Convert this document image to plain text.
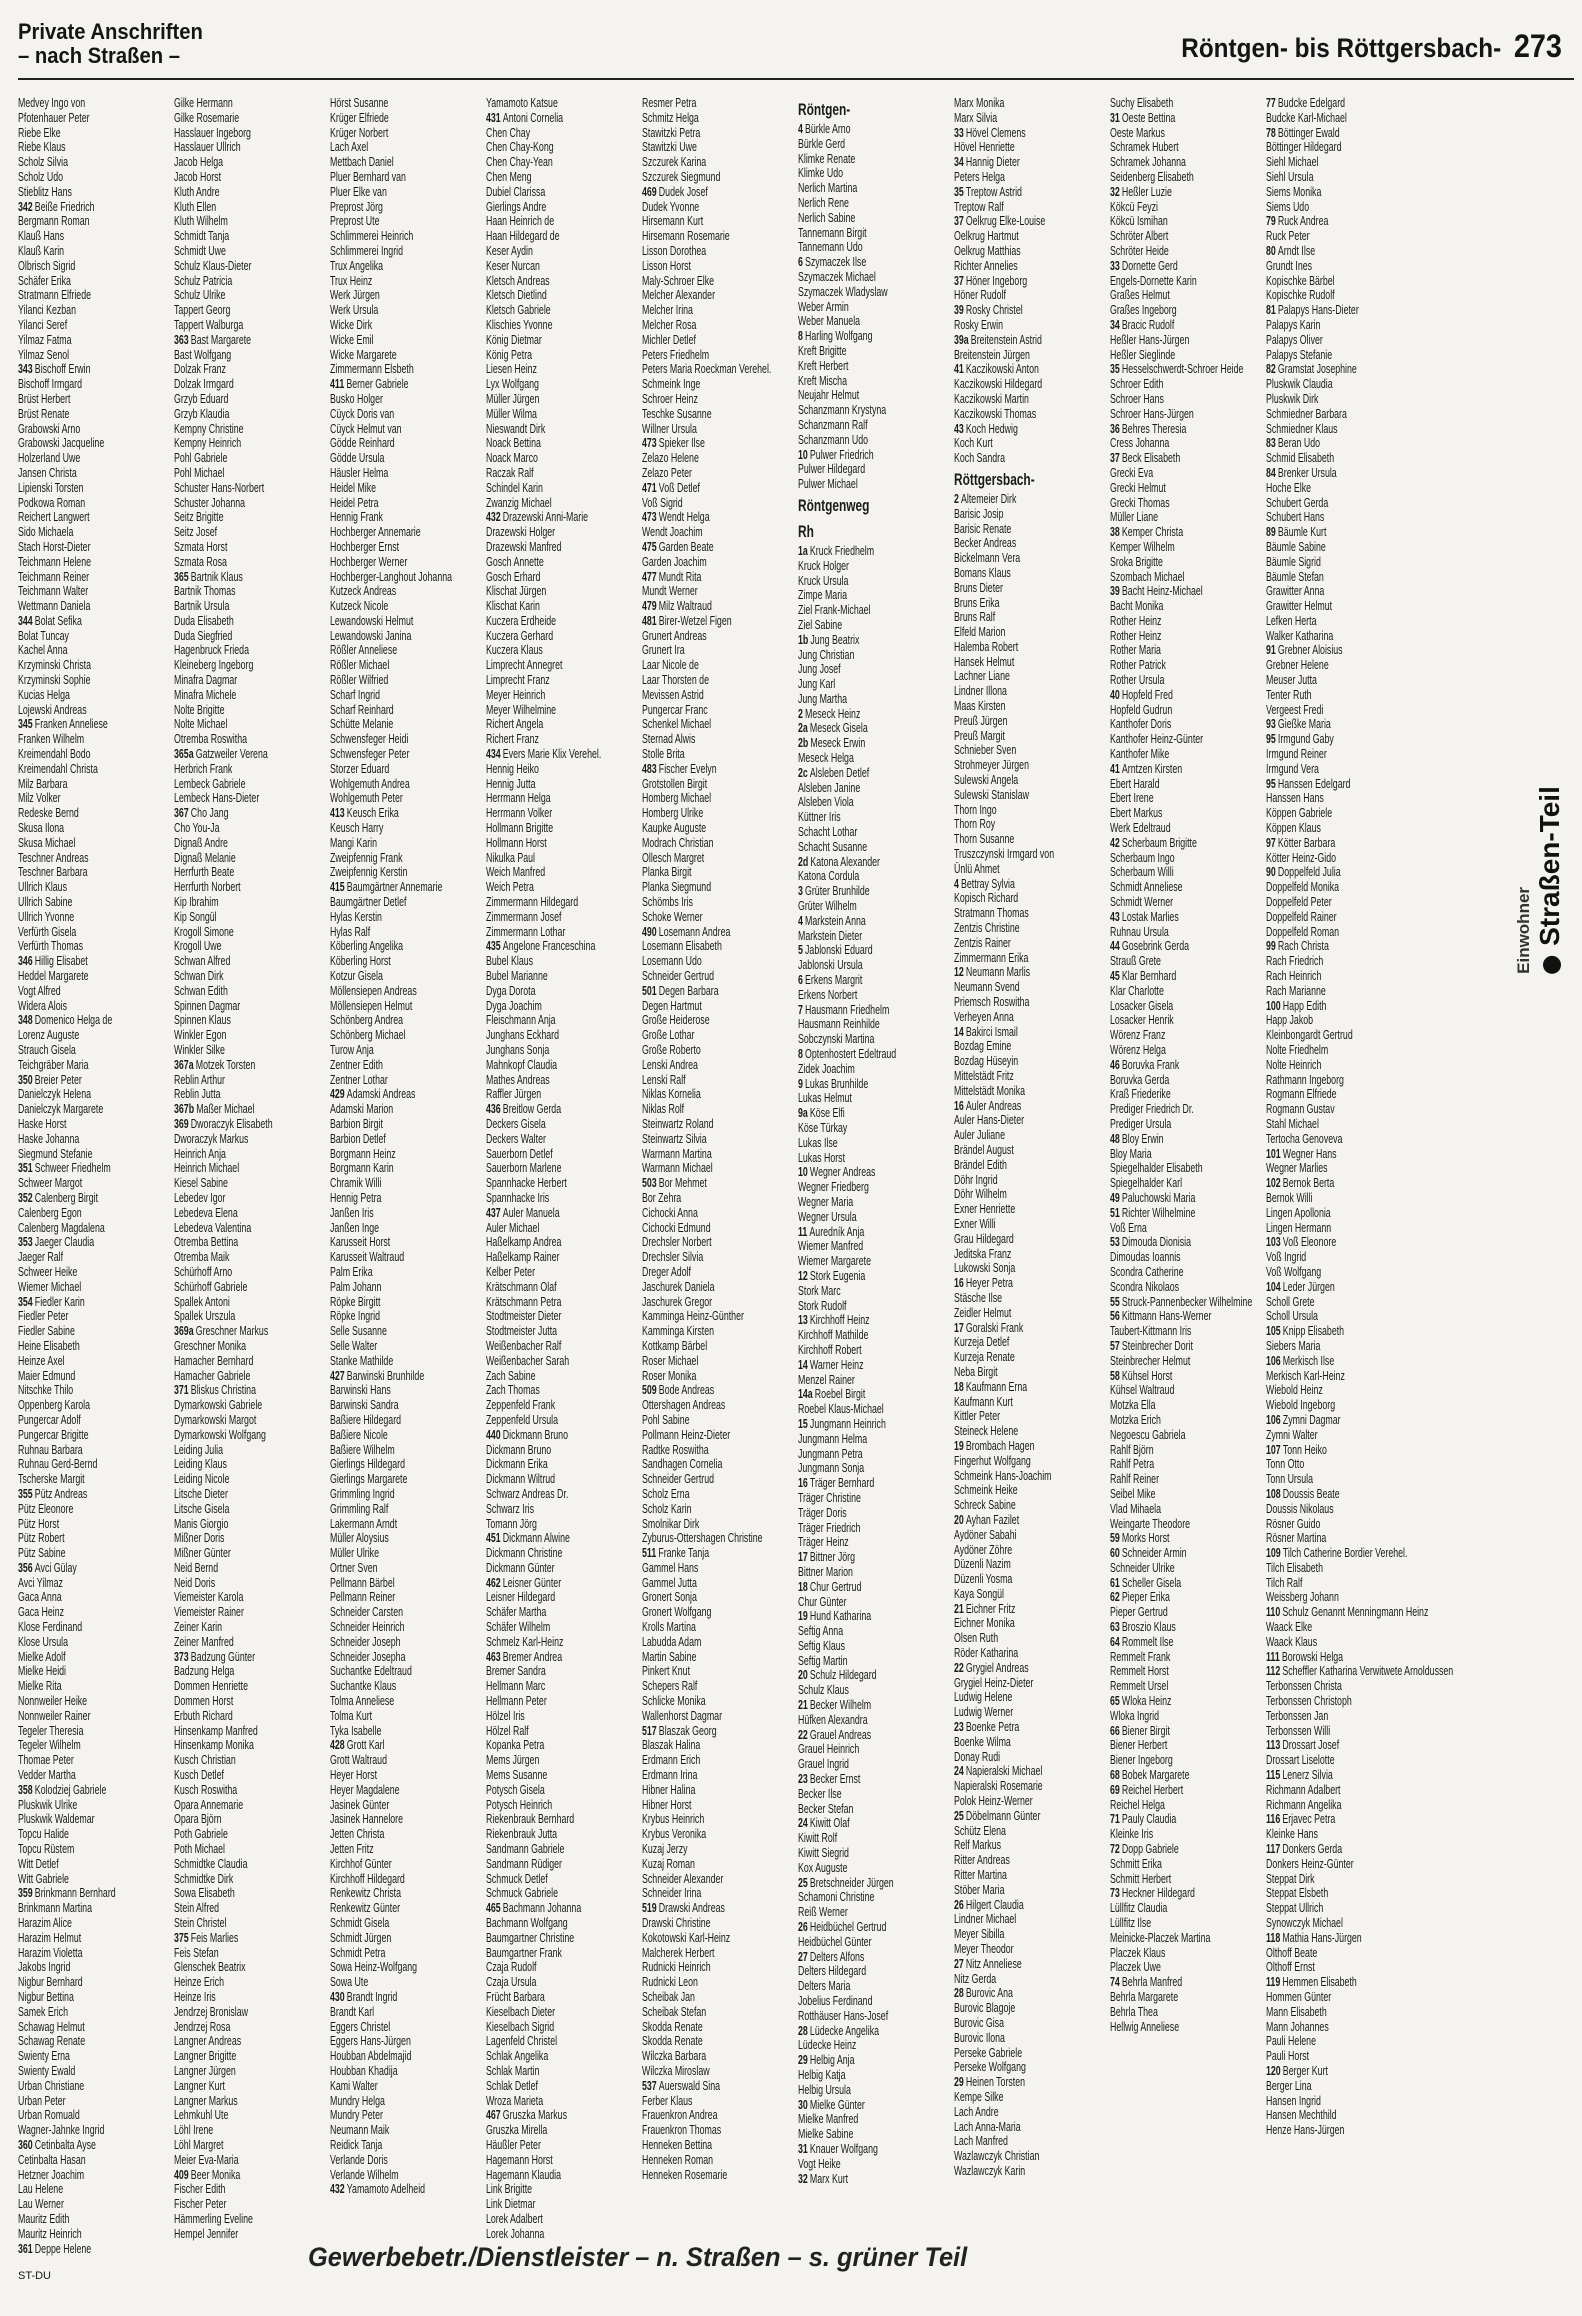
Private Anschriften
– nach Straßen –	Röntgen- bis Röttgersbach- 273
Medvey Ingo von
Pfotenhauer Peter
Riebe Elke
Riebe Klaus
Scholz Silvia
Scholz Udo
Stieblitz Hans
342 Beiße Friedrich
Bergmann Roman
Klauß Hans
Klauß Karin
Olbrisch Sigrid
Schäfer Erika
Stratmann Elfriede
Yilanci Kezban
Yilanci Seref
Yilmaz Fatma
Yilmaz Senol
343 Bischoff Erwin
Bischoff Irmgard
Brüst Herbert
Brüst Renate
Grabowski Arno
Grabowski Jacqueline
Holzerland Uwe
Jansen Christa
Lipienski Torsten
Podkowa Roman
Reichert Langwert
Sido Michaela
Stach Horst-Dieter
Teichmann Helene
Teichmann Reiner
Teichmann Walter
Wettmann Daniela
344 Bolat Sefika
Bolat Tuncay
Kachel Anna
Krzyminski Christa
Krzyminski Sophie
Kucias Helga
Lojewski Andreas
345 Franken Anneliese
Franken Wilhelm
Kreimendahl Bodo
Kreimendahl Christa
Milz Barbara
Milz Volker
Redeske Bernd
Skusa Ilona
Skusa Michael
Teschner Andreas
Teschner Barbara
Ullrich Klaus
Ullrich Sabine
Ullrich Yvonne
Verfürth Gisela
Verfürth Thomas
346 Hillig Elisabet
Heddel Margarete
Vogt Alfred
Widera Alois
348 Domenico Helga de
Lorenz Auguste
Strauch Gisela
Teichgräber Maria
350 Breier Peter
Danielczyk Helena
Danielczyk Margarete
Haske Horst
Haske Johanna
Siegmund Stefanie
351 Schweer Friedhelm
Schweer Margot
352 Calenberg Birgit
Calenberg Egon
Calenberg Magdalena
353 Jaeger Claudia
Jaeger Ralf
Schweer Heike
Wiemer Michael
354 Fiedler Karin
Fiedler Peter
Fiedler Sabine
Heine Elisabeth
Heinze Axel
Maier Edmund
Nitschke Thilo
Oppenberg Karola
Pungercar Adolf
Pungercar Brigitte
Ruhnau Barbara
Ruhnau Gerd-Bernd
Tscherske Margit
355 Pütz Andreas
Pütz Eleonore
Pütz Horst
Pütz Robert
Pütz Sabine
356 Avci Gülay
Avci Yilmaz
Gaca Anna
Gaca Heinz
Klose Ferdinand
Klose Ursula
Mielke Adolf
Mielke Heidi
Mielke Rita
Nonnweiler Heike
Nonnweiler Rainer
Tegeler Theresia
Tegeler Wilhelm
Thomae Peter
Vedder Martha
358 Kolodziej Gabriele
Pluskwik Ulrike
Pluskwik Waldemar
Topcu Halide
Topcu Rüstem
Witt Detlef
Witt Gabriele
359 Brinkmann Bernhard
Brinkmann Martina
Harazim Alice
Harazim Helmut
Harazim Violetta
Jakobs Ingrid
Nigbur Bernhard
Nigbur Bettina
Samek Erich
Schawag Helmut
Schawag Renate
Swienty Erna
Swienty Ewald
Urban Christiane
Urban Peter
Urban Romuald
Wagner-Jahnke Ingrid
360 Cetinbalta Ayse
Cetinbalta Hasan
Hetzner Joachim
Lau Helene
Lau Werner
Mauritz Edith
Mauritz Heinrich
361 Deppe Helene
Gilke Hermann
Gilke Rosemarie
Hasslauer Ingeborg
Hasslauer Ullrich
Jacob Helga
Jacob Horst
Kluth Andre
Kluth Ellen
Kluth Wilhelm
Schmidt Tanja
Schmidt Uwe
Schulz Klaus-Dieter
Schulz Patricia
Schulz Ulrike
Tappert Georg
Tappert Walburga
363 Bast Margarete
Bast Wolfgang
Dolzak Franz
Dolzak Irmgard
Grzyb Eduard
Grzyb Klaudia
Kempny Christine
Kempny Heinrich
Pohl Gabriele
Pohl Michael
Schuster Hans-Norbert
Schuster Johanna
Seitz Brigitte
Seitz Josef
Szmata Horst
Szmata Rosa
365 Bartnik Klaus
Bartnik Thomas
Bartnik Ursula
Duda Elisabeth
Duda Siegfried
Hagenbruck Frieda
Kleineberg Ingeborg
Minafra Dagmar
Minafra Michele
Nolte Brigitte
Nolte Michael
Otremba Roswitha
365a Gatzweiler Verena
Herbrich Frank
Lembeck Gabriele
Lembeck Hans-Dieter
367 Cho Jang
Cho You-Ja
Dignaß Andre
Dignaß Melanie
Herrfurth Beate
Herrfurth Norbert
Kip Ibrahim
Kip Songül
Krogoll Simone
Krogoll Uwe
Schwan Alfred
Schwan Dirk
Schwan Edith
Spinnen Dagmar
Spinnen Klaus
Winkler Egon
Winkler Silke
367a Motzek Torsten
Reblin Arthur
Reblin Jutta
367b Maßer Michael
369 Dworaczyk Elisabeth
Dworaczyk Markus
Heinrich Anja
Heinrich Michael
Kiesel Sabine
Lebedev Igor
Lebedeva Elena
Lebedeva Valentina
Otremba Bettina
Otremba Maik
Schürhoff Arno
Schürhoff Gabriele
Spallek Antoni
Spallek Urszula
369a Greschner Markus
Greschner Monika
Hamacher Bernhard
Hamacher Gabriele
371 Bliskus Christina
Dymarkowski Gabriele
Dymarkowski Margot
Dymarkowski Wolfgang
Leiding Julia
Leiding Klaus
Leiding Nicole
Litsche Dieter
Litsche Gisela
Manis Giorgio
Mißner Doris
Mißner Günter
Neid Bernd
Neid Doris
Viemeister Karola
Viemeister Rainer
Zeiner Karin
Zeiner Manfred
373 Badzung Günter
Badzung Helga
Dommen Henriette
Dommen Horst
Erbuth Richard
Hinsenkamp Manfred
Hinsenkamp Monika
Kusch Christian
Kusch Detlef
Kusch Roswitha
Opara Annemarie
Opara Björn
Poth Gabriele
Poth Michael
Schmidtke Claudia
Schmidtke Dirk
Sowa Elisabeth
Stein Alfred
Stein Christel
375 Feis Marlies
Feis Stefan
Glenschek Beatrix
Heinze Erich
Heinze Iris
Jendrzej Bronislaw
Jendrzej Rosa
Langner Andreas
Langner Brigitte
Langner Jürgen
Langner Kurt
Langner Markus
Lehmkuhl Ute
Löhl Irene
Löhl Margret
Meier Eva-Maria
409 Beer Monika
Fischer Edith
Fischer Peter
Hämmerling Eveline
Hempel Jennifer
Hörst Susanne
Krüger Elfriede
Krüger Norbert
Lach Axel
Mettbach Daniel
Pluer Bernhard van
Pluer Elke van
Preprost Jörg
Preprost Ute
Schlimmerei Heinrich
Schlimmerei Ingrid
Trux Angelika
Trux Heinz
Werk Jürgen
Werk Ursula
Wicke Dirk
Wicke Emil
Wicke Margarete
Zimmermann Elsbeth
411 Berner Gabriele
Busko Holger
Cüyck Doris van
Cüyck Helmut van
Gödde Reinhard
Gödde Ursula
Häusler Helma
Heidel Mike
Heidel Petra
Hennig Frank
Hochberger Annemarie
Hochberger Ernst
Hochberger Werner
Hochberger-Langhout Johanna
Kutzeck Andreas
Kutzeck Nicole
Lewandowski Helmut
Lewandowski Janina
Rößler Anneliese
Rößler Michael
Rößler Wilfried
Scharf Ingrid
Scharf Reinhard
Schütte Melanie
Schwensfeger Heidi
Schwensfeger Peter
Storzer Eduard
Wohlgemuth Andrea
Wohlgemuth Peter
413 Keusch Erika
Keusch Harry
Mangi Karin
Zweipfennig Frank
Zweipfennig Kerstin
415 Baumgärtner Annemarie
Baumgärtner Detlef
Hylas Kerstin
Hylas Ralf
Köberling Angelika
Köberling Horst
Kotzur Gisela
Möllensiepen Andreas
Möllensiepen Helmut
Schönberg Andrea
Schönberg Michael
Turow Anja
Zentner Edith
Zentner Lothar
429 Adamski Andreas
Adamski Marion
Barbion Birgit
Barbion Detlef
Borgmann Heinz
Borgmann Karin
Chramik Willi
Hennig Petra
Janßen Iris
Janßen Inge
Karusseit Horst
Karusseit Waltraud
Palm Erika
Palm Johann
Röpke Birgitt
Röpke Ingrid
Selle Susanne
Selle Walter
Stanke Mathilde
427 Barwinski Brunhilde
Barwinski Hans
Barwinski Sandra
Baßiere Hildegard
Baßiere Nicole
Baßiere Wilhelm
Gierlings Hildegard
Gierlings Margarete
Grimmling Ingrid
Grimmling Ralf
Lakermann Arndt
Müller Aloysius
Müller Ulrike
Ortner Sven
Pellmann Bärbel
Pellmann Reiner
Schneider Carsten
Schneider Heinrich
Schneider Joseph
Schneider Josepha
Suchantke Edeltraud
Suchantke Klaus
Tolma Anneliese
Tolma Kurt
Tyka Isabelle
428 Grott Karl
Grott Waltraud
Heyer Horst
Heyer Magdalene
Jasinek Günter
Jasinek Hannelore
Jetten Christa
Jetten Fritz
Kirchhof Günter
Kirchhoff Hildegard
Renkewitz Christa
Renkewitz Günter
Schmidt Gisela
Schmidt Jürgen
Schmidt Petra
Sowa Heinz-Wolfgang
Sowa Ute
430 Brandt Ingrid
Brandt Karl
Eggers Christel
Eggers Hans-Jürgen
Houbban Abdelmajid
Houbban Khadija
Kami Walter
Mundry Helga
Mundry Peter
Neumann Maik
Reidick Tanja
Verlande Doris
Verlande Wilhelm
432 Yamamoto Adelheid
Yamamoto Katsue
431 Antoni Cornelia
Chen Chay
Chen Chay-Kong
Chen Chay-Yean
Chen Meng
Dubiel Clarissa
Gierlings Andre
Haan Heinrich de
Haan Hildegard de
Keser Aydin
Keser Nurcan
Kletsch Andreas
Kletsch Dietlind
Kletsch Gabriele
Klischies Yvonne
König Dietmar
König Petra
Liesen Heinz
Lyx Wolfgang
Müller Jürgen
Müller Wilma
Nieswandt Dirk
Noack Bettina
Noack Marco
Raczak Ralf
Schindel Karin
Zwanzig Michael
432 Drazewski Anni-Marie
Drazewski Holger
Drazewski Manfred
Gosch Annette
Gosch Erhard
Klischat Jürgen
Klischat Karin
Kuczera Erdheide
Kuczera Gerhard
Kuczera Klaus
Limprecht Annegret
Limprecht Franz
Meyer Heinrich
Meyer Wilhelmine
Richert Angela
Richert Franz
434 Evers Marie Klix Verehel.
Hennig Heiko
Hennig Jutta
Herrmann Helga
Herrmann Volker
Hollmann Brigitte
Hollmann Horst
Nikulka Paul
Weich Manfred
Weich Petra
Zimmermann Hildegard
Zimmermann Josef
Zimmermann Lothar
435 Angelone Franceschina
Bubel Klaus
Bubel Marianne
Dyga Dorota
Dyga Joachim
Fleischmann Anja
Junghans Eckhard
Junghans Sonja
Mahnkopf Claudia
Mathes Andreas
Raffler Jürgen
436 Breitlow Gerda
Deckers Gisela
Deckers Walter
Sauerborn Detlef
Sauerborn Marlene
Spannhacke Herbert
Spannhacke Iris
437 Auler Manuela
Auler Michael
Haßelkamp Andrea
Haßelkamp Rainer
Kelber Peter
Krätschmann Olaf
Krätschmann Petra
Stodtmeister Dieter
Stodtmeister Jutta
Weißenbacher Ralf
Weißenbacher Sarah
Zach Sabine
Zach Thomas
Zeppenfeld Frank
Zeppenfeld Ursula
440 Dickmann Bruno
Dickmann Bruno
Dickmann Erika
Dickmann Wiltrud
Schwarz Andreas Dr.
Schwarz Iris
Tomann Jörg
451 Dickmann Alwine
Dickmann Christine
Dickmann Günter
462 Leisner Günter
Leisner Hildegard
Schäfer Martha
Schäfer Wilhelm
Schmelz Karl-Heinz
463 Bremer Andrea
Bremer Sandra
Hellmann Marc
Hellmann Peter
Hölzel Iris
Hölzel Ralf
Kopanka Petra
Mems Jürgen
Mems Susanne
Potysch Gisela
Potysch Heinrich
Riekenbrauk Bernhard
Riekenbrauk Jutta
Sandmann Gabriele
Sandmann Rüdiger
Schmuck Detlef
Schmuck Gabriele
465 Bachmann Johanna
Bachmann Wolfgang
Baumgartner Christine
Baumgartner Frank
Czaja Rudolf
Czaja Ursula
Frücht Barbara
Kieselbach Dieter
Kieselbach Sigrid
Lagenfeld Christel
Schlak Angelika
Schlak Martin
Schlak Detlef
Wroza Marieta
467 Gruszka Markus
Gruszka Mirella
Häußler Peter
Hagemann Horst
Hagemann Klaudia
Link Brigitte
Link Dietmar
Lorek Adalbert
Lorek Johanna
Resmer Petra
Schmitz Helga
Stawitzki Petra
Stawitzki Uwe
Szczurek Karina
Szczurek Siegmund
469 Dudek Josef
Dudek Yvonne
Hirsemann Kurt
Hirsemann Rosemarie
Lisson Dorothea
Lisson Horst
Maly-Schroer Elke
Melcher Alexander
Melcher Irina
Melcher Rosa
Michler Detlef
Peters Friedhelm
Peters Maria Roeckman Verehel.
Schmeink Inge
Schroer Heinz
Teschke Susanne
Willner Ursula
473 Spieker Ilse
Zelazo Helene
Zelazo Peter
471 Voß Detlef
Voß Sigrid
473 Wendt Helga
Wendt Joachim
475 Garden Beate
Garden Joachim
477 Mundt Rita
Mundt Werner
479 Milz Waltraud
481 Birer-Wetzel Figen
Grunert Andreas
Grunert Ira
Laar Nicole de
Laar Thorsten de
Mevissen Astrid
Pungercar Franc
Schenkel Michael
Sternad Alwis
Stolle Brita
483 Fischer Evelyn
Grotstollen Birgit
Homberg Michael
Homberg Ulrike
Kaupke Auguste
Modrach Christian
Ollesch Margret
Planka Birgit
Planka Siegmund
Schömbs Iris
Schoke Werner
490 Losemann Andrea
Losemann Elisabeth
Losemann Udo
Schneider Gertrud
501 Degen Barbara
Degen Hartmut
Große Heiderose
Große Lothar
Große Roberto
Lenski Andrea
Lenski Ralf
Niklas Kornelia
Niklas Rolf
Steinwartz Roland
Steinwartz Silvia
Warmann Martina
Warmann Michael
503 Bor Mehmet
Bor Zehra
Cichocki Anna
Cichocki Edmund
Drechsler Norbert
Drechsler Silvia
Dreger Adolf
Jaschurek Daniela
Jaschurek Gregor
Kamminga Heinz-Günther
Kamminga Kirsten
Kottkamp Bärbel
Roser Michael
Roser Monika
509 Bode Andreas
Ottershagen Andreas
Pohl Sabine
Pollmann Heinz-Dieter
Radtke Roswitha
Sandhagen Cornelia
Schneider Gertrud
Scholz Erna
Scholz Karin
Smolnikar Dirk
Zyburus-Ottershagen Christine
511 Franke Tanja
Gammel Hans
Gammel Jutta
Gronert Sonja
Gronert Wolfgang
Krolls Martina
Labudda Adam
Martin Sabine
Pinkert Knut
Schepers Ralf
Schlicke Monika
Wallenhorst Dagmar
517 Blaszak Georg
Blaszak Halina
Erdmann Erich
Erdmann Irina
Hibner Halina
Hibner Horst
Krybus Heinrich
Krybus Veronika
Kuzaj Jerzy
Kuzaj Roman
Schneider Alexander
Schneider Irina
519 Drawski Andreas
Drawski Christine
Kokotowski Karl-Heinz
Malcherek Herbert
Rudnicki Heinrich
Rudnicki Leon
Scheibak Jan
Scheibak Stefan
Skodda Renate
Skodda Renate
Wilczka Barbara
Wilczka Miroslaw
537 Auerswald Sina
Ferber Klaus
Frauenkron Andrea
Frauenkron Thomas
Henneken Bettina
Henneken Roman
Henneken Rosemarie
Röntgen-
4 Bürkle Arno
Bürkle Gerd
Klimke Renate
Klimke Udo
Nerlich Martina
Nerlich Rene
Nerlich Sabine
Tannemann Birgit
Tannemann Udo
6 Szymaczek Ilse
Szymaczek Michael
Szymaczek Wladyslaw
Weber Armin
Weber Manuela
8 Harling Wolfgang
Kreft Brigitte
Kreft Herbert
Kreft Mischa
Neujahr Helmut
Schanzmann Krystyna
Schanzmann Ralf
Schanzmann Udo
10 Pulwer Friedrich
Pulwer Hildegard
Pulwer Michael
Röntgenweg
Rh
1a Kruck Friedhelm
Kruck Holger
Kruck Ursula
Zimpe Maria
Ziel Frank-Michael
Ziel Sabine
1b Jung Beatrix
Jung Christian
Jung Josef
Jung Karl
Jung Martha
2 Meseck Heinz
2a Meseck Gisela
2b Meseck Erwin
Meseck Helga
2c Alsleben Detlef
Alsleben Janine
Alsleben Viola
Küttner Iris
Schacht Lothar
Schacht Susanne
2d Katona Alexander
Katona Cordula
3 Grüter Brunhilde
Grüter Wilhelm
4 Markstein Anna
Markstein Dieter
5 Jablonski Eduard
Jablonski Ursula
6 Erkens Margrit
Erkens Norbert
7 Hausmann Friedhelm
Hausmann Reinhilde
Sobczynski Martina
8 Optenhostert Edeltraud
Zidek Joachim
9 Lukas Brunhilde
Lukas Helmut
9a Köse Elfi
Köse Türkay
Lukas Ilse
Lukas Horst
10 Wegner Andreas
Wegner Friedberg
Wegner Maria
Wegner Ursula
11 Auredník Anja
Wiemer Manfred
Wiemer Margarete
12 Stork Eugenia
Stork Marc
Stork Rudolf
13 Kirchhoff Heinz
Kirchhoff Mathilde
Kirchhoff Robert
14 Warner Heinz
Menzel Rainer
14a Roebel Birgit
Roebel Klaus-Michael
15 Jungmann Heinrich
Jungmann Helma
Jungmann Petra
Jungmann Sonja
16 Träger Bernhard
Träger Christine
Träger Doris
Träger Friedrich
Träger Heinz
17 Bittner Jörg
Bittner Marion
18 Chur Gertrud
Chur Günter
19 Hund Katharina
Seftig Anna
Seftig Klaus
Seftig Martin
20 Schulz Hildegard
Schulz Klaus
21 Becker Wilhelm
Hüfken Alexandra
22 Grauel Andreas
Grauel Heinrich
Grauel Ingrid
23 Becker Ernst
Becker Ilse
Becker Stefan
24 Kiwitt Olaf
Kiwitt Rolf
Kiwitt Siegrid
Kox Auguste
25 Bretschneider Jürgen
Schamoni Christine
Reiß Werner
26 Heidbüchel Gertrud
Heidbüchel Günter
27 Delters Alfons
Delters Hildegard
Delters Maria
Jobelius Ferdinand
Rotthäuser Hans-Josef
28 Lüdecke Angelika
Lüdecke Heinz
29 Helbig Anja
Helbig Katja
Helbig Ursula
30 Mielke Günter
Mielke Manfred
Mielke Sabine
31 Knauer Wolfgang
Vogt Heike
32 Marx Kurt
Marx Monika
Marx Silvia
33 Hövel Clemens
Hövel Henriette
34 Hannig Dieter
Peters Helga
35 Treptow Astrid
Treptow Ralf
37 Oelkrug Elke-Louise
Oelkrug Hartmut
Oelkrug Matthias
Richter Annelies
37 Höner Ingeborg
Höner Rudolf
39 Rosky Christel
Rosky Erwin
39a Breitenstein Astrid
Breitenstein Jürgen
41 Kaczikowski Anton
Kaczikowski Hildegard
Kaczikowski Martin
Kaczikowski Thomas
43 Koch Hedwig
Koch Kurt
Koch Sandra
Röttgersbach-
2 Altemeier Dirk
Barisic Josip
Barisic Renate
Becker Andreas
Bickelmann Vera
Bomans Klaus
Bruns Dieter
Bruns Erika
Bruns Ralf
Elfeld Marion
Halemba Robert
Hansek Helmut
Lachner Liane
Lindner Illona
Maas Kirsten
Preuß Jürgen
Preuß Margit
Schnieber Sven
Strohmeyer Jürgen
Sulewski Angela
Sulewski Stanislaw
Thorn Ingo
Thorn Roy
Thorn Susanne
Truszczynski Irmgard von
Ünlü Ahmet
4 Bettray Sylvia
Kopisch Richard
Stratmann Thomas
Zentzis Christine
Zentzis Rainer
Zimmermann Erika
12 Neumann Marlis
Neumann Svend
Priemsch Roswitha
Verheyen Anna
14 Bakirci Ismail
Bozdag Emine
Bozdag Hüseyin
Mittelstädt Fritz
Mittelstädt Monika
16 Auler Andreas
Auler Hans-Dieter
Auler Juliane
Brändel August
Brändel Edith
Döhr Ingrid
Döhr Wilhelm
Exner Henriette
Exner Willi
Grau Hildegard
Jeditska Franz
Lukowski Sonja
16 Heyer Petra
Stäsche Ilse
Zeidler Helmut
17 Goralski Frank
Kurzeja Detlef
Kurzeja Renate
Neba Birgit
18 Kaufmann Erna
Kaufmann Kurt
Kittler Peter
Steineck Helene
19 Brombach Hagen
Fingerhut Wolfgang
Schmeink Hans-Joachim
Schmeink Heike
Schreck Sabine
20 Ayhan Fazilet
Aydöner Sabahi
Aydöner Zöhre
Düzenli Nazim
Düzenli Yosma
Kaya Songül
21 Eichner Fritz
Eichner Monika
Olsen Ruth
Röder Katharina
22 Grygiel Andreas
Grygiel Heinz-Dieter
Ludwig Helene
Ludwig Werner
23 Boenke Petra
Boenke Wilma
Donay Rudi
24 Napieralski Michael
Napieralski Rosemarie
Polok Heinz-Werner
25 Döbelmann Günter
Schütz Elena
Relf Markus
Ritter Andreas
Ritter Martina
Stöber Maria
26 Hilgert Claudia
Lindner Michael
Meyer Sibilla
Meyer Theodor
27 Nitz Anneliese
Nitz Gerda
28 Burovic Ana
Burovic Blagoje
Burovic Gisa
Burovic Ilona
Perseke Gabriele
Perseke Wolfgang
29 Heinen Torsten
Kempe Silke
Lach Andre
Lach Anna-Maria
Lach Manfred
Wazlawczyk Christian
Wazlawczyk Karin
Suchy Elisabeth
31 Oeste Bettina
Oeste Markus
Schramek Hubert
Schramek Johanna
Seidenberg Elisabeth
32 Heßler Luzie
Kökcü Feyzi
Kökcü Ismihan
Schröter Albert
Schröter Heide
33 Dornette Gerd
Engels-Dornette Karin
Graßes Helmut
Graßes Ingeborg
34 Bracic Rudolf
Heßler Hans-Jürgen
Heßler Sieglinde
35 Hesselschwerdt-Schroer Heide
Schroer Edith
Schroer Hans
Schroer Hans-Jürgen
36 Behres Theresia
Cress Johanna
37 Beck Elisabeth
Grecki Eva
Grecki Helmut
Grecki Thomas
Müller Liane
38 Kemper Christa
Kemper Wilhelm
Sroka Brigitte
Szombach Michael
39 Bacht Heinz-Michael
Bacht Monika
Rother Heinz
Rother Heinz
Rother Maria
Rother Patrick
Rother Ursula
40 Hopfeld Fred
Hopfeld Gudrun
Kanthofer Doris
Kanthofer Heinz-Günter
Kanthofer Mike
41 Arntzen Kirsten
Ebert Harald
Ebert Irene
Ebert Markus
Werk Edeltraud
42 Scherbaum Brigitte
Scherbaum Ingo
Scherbaum Willi
Schmidt Anneliese
Schmidt Werner
43 Lostak Marlies
Ruhnau Ursula
44 Gosebrink Gerda
Strauß Grete
45 Klar Bernhard
Klar Charlotte
Losacker Gisela
Losacker Henrik
Wörenz Franz
Wörenz Helga
46 Boruvka Frank
Boruvka Gerda
Kraß Friederike
Prediger Friedrich Dr.
Prediger Ursula
48 Bloy Erwin
Bloy Maria
Spiegelhalder Elisabeth
Spiegelhalder Karl
49 Paluchowski Maria
51 Richter Wilhelmine
Voß Erna
53 Dimouda Dionisia
Dimoudas Ioannis
Scondra Catherine
Scondra Nikolaos
55 Struck-Pannenbecker Wilhelmine
56 Kittmann Hans-Werner
Taubert-Kittmann Iris
57 Steinbrecher Dorit
Steinbrecher Helmut
58 Kühsel Horst
Kühsel Waltraud
Motzka Ella
Motzka Erich
Negoescu Gabriela
Rahlf Björn
Rahlf Petra
Rahlf Reiner
Seibel Mike
Vlad Mihaela
Weingarte Theodore
59 Morks Horst
60 Schneider Armin
Schneider Ulrike
61 Scheller Gisela
62 Pieper Erika
Pieper Gertrud
63 Broszio Klaus
64 Rommelt Ilse
Remmelt Frank
Remmelt Horst
Remmelt Ursel
65 Wloka Heinz
Wloka Ingrid
66 Biener Birgit
Biener Herbert
Biener Ingeborg
68 Bobek Margarete
69 Reichel Herbert
Reichel Helga
71 Pauly Claudia
Kleinke Iris
72 Dopp Gabriele
Schmitt Erika
Schmitt Herbert
73 Heckner Hildegard
Lüllfitz Claudia
Lüllfitz Ilse
Meinicke-Placzek Martina
Placzek Klaus
Placzek Uwe
74 Behrla Manfred
Behrla Margarete
Behrla Thea
Hellwig Anneliese
77 Budcke Edelgard
Budcke Karl-Michael
78 Böttinger Ewald
Böttinger Hildegard
Siehl Michael
Siehl Ursula
Siems Monika
Siems Udo
79 Ruck Andrea
Ruck Peter
80 Arndt Ilse
Grundt Ines
Kopischke Bärbel
Kopischke Rudolf
81 Palapys Hans-Dieter
Palapys Karin
Palapys Oliver
Palapys Stefanie
82 Gramstat Josephine
Pluskwik Claudia
Pluskwik Dirk
Schmiedner Barbara
Schmiedner Klaus
83 Beran Udo
Schmid Elisabeth
84 Brenker Ursula
Hoche Elke
Schubert Gerda
Schubert Hans
89 Bäumle Kurt
Bäumle Sabine
Bäumle Sigrid
Bäumle Stefan
Grawitter Anna
Grawitter Helmut
Lefken Herta
Walker Katharina
91 Grebner Aloisius
Grebner Helene
Meuser Jutta
Tenter Ruth
Vergeest Fredi
93 Gießke Maria
95 Irmgund Gaby
Irmgund Reiner
Irmgund Vera
95 Hanssen Edelgard
Hanssen Hans
Köppen Gabriele
Köppen Klaus
97 Kötter Barbara
Kötter Heinz-Gido
90 Doppelfeld Julia
Doppelfeld Monika
Doppelfeld Peter
Doppelfeld Rainer
Doppelfeld Roman
99 Rach Christa
Rach Friedrich
Rach Heinrich
Rach Marianne
100 Happ Edith
Happ Jakob
Kleinbongardt Gertrud
Nolte Friedhelm
Nolte Heinrich
Rathmann Ingeborg
Rogmann Elfriede
Rogmann Gustav
Stahl Michael
Tertocha Genoveva
101 Wegner Hans
Wegner Marlies
102 Bernok Berta
Bernok Willi
Lingen Apollonia
Lingen Hermann
103 Voß Eleonore
Voß Ingrid
Voß Wolfgang
104 Leder Jürgen
Scholl Grete
Scholl Ursula
105 Knipp Elisabeth
Siebers Maria
106 Merkisch Ilse
Merkisch Karl-Heinz
Wiebold Heinz
Wiebold Ingeborg
106 Zymni Dagmar
Zymni Walter
107 Tonn Heiko
Tonn Otto
Tonn Ursula
108 Doussis Beate
Doussis Nikolaus
Rösner Guido
Rösner Martina
109 Tilch Catherine Bordier Verehel.
Tilch Elisabeth
Tilch Ralf
Weissberg Johann
110 Schulz Genannt Menningmann Heinz
Waack Elke
Waack Klaus
111 Borowski Helga
112 Scheffler Katharina Verwitwete Arnoldussen
Terbonssen Christa
Terbonssen Christoph
Terbonssen Jan
Terbonssen Willi
113 Drossart Josef
Drossart Liselotte
115 Lenerz Silvia
Richmann Adalbert
Richmann Angelika
116 Erjavec Petra
Kleinke Hans
117 Donkers Gerda
Donkers Heinz-Günter
Steppat Dirk
Steppat Elsbeth
Steppat Ullrich
Synowczyk Michael
118 Mathia Hans-Jürgen
Olthoff Beate
Olthoff Ernst
119 Hemmen Elisabeth
Hommen Günter
Mann Elisabeth
Mann Johannes
Pauli Helene
Pauli Horst
120 Berger Kurt
Berger Lina
Hansen Ingrid
Hansen Mechthild
Henze Hans-Jürgen
Einwohner Straßen-Teil
ST-DU
Gewerbebetr./Dienstleister – n. Straßen – s. grüner Teil
